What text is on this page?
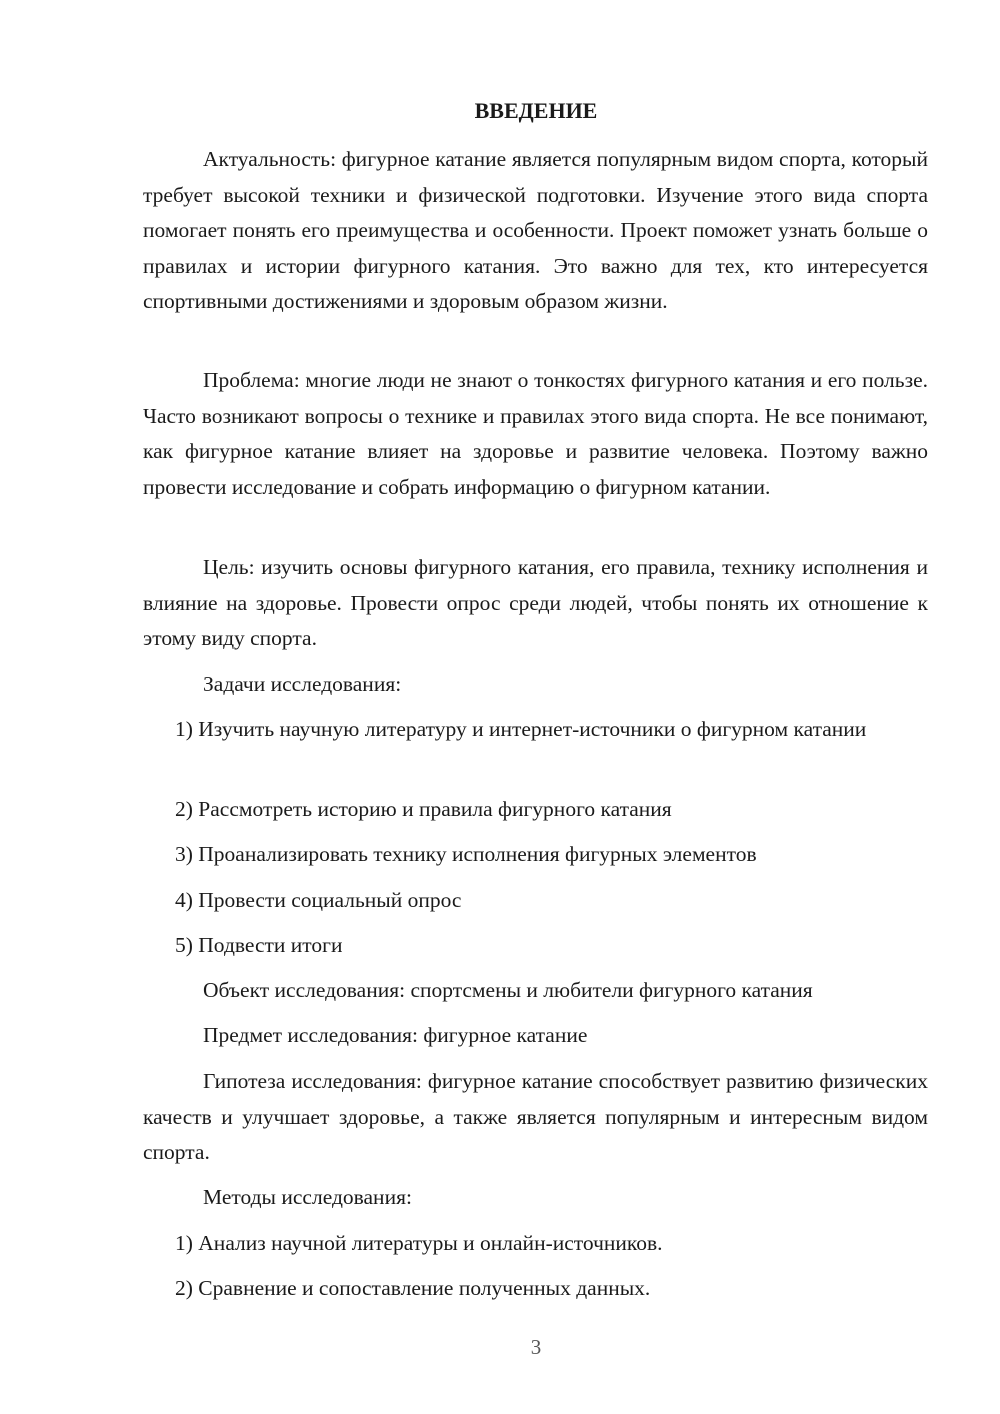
ВВЕДЕНИЕ

Актуальность: фигурное катание является популярным видом спорта, который требует высокой техники и физической подготовки. Изучение этого вида спорта помогает понять его преимущества и особенности. Проект поможет узнать больше о правилах и истории фигурного катания. Это важно для тех, кто интересуется спортивными достижениями и здоровым образом жизни.

Проблема: многие люди не знают о тонкостях фигурного катания и его пользе. Часто возникают вопросы о технике и правилах этого вида спорта. Не все понимают, как фигурное катание влияет на здоровье и развитие человека. Поэтому важно провести исследование и собрать информацию о фигурном катании.

Цель: изучить основы фигурного катания, его правила, технику исполнения и влияние на здоровье. Провести опрос среди людей, чтобы понять их отношение к этому виду спорта.

Задачи исследования:

1) Изучить научную литературу и интернет-источники о фигурном катании

2) Рассмотреть историю и правила фигурного катания

3) Проанализировать технику исполнения фигурных элементов

4) Провести социальный опрос

5) Подвести итоги

Объект исследования: спортсмены и любители фигурного катания

Предмет исследования: фигурное катание

Гипотеза исследования: фигурное катание способствует развитию физических качеств и улучшает здоровье, а также является популярным и интересным видом спорта.

Методы исследования:

1) Анализ научной литературы и онлайн-источников.

2) Сравнение и сопоставление полученных данных.

3
